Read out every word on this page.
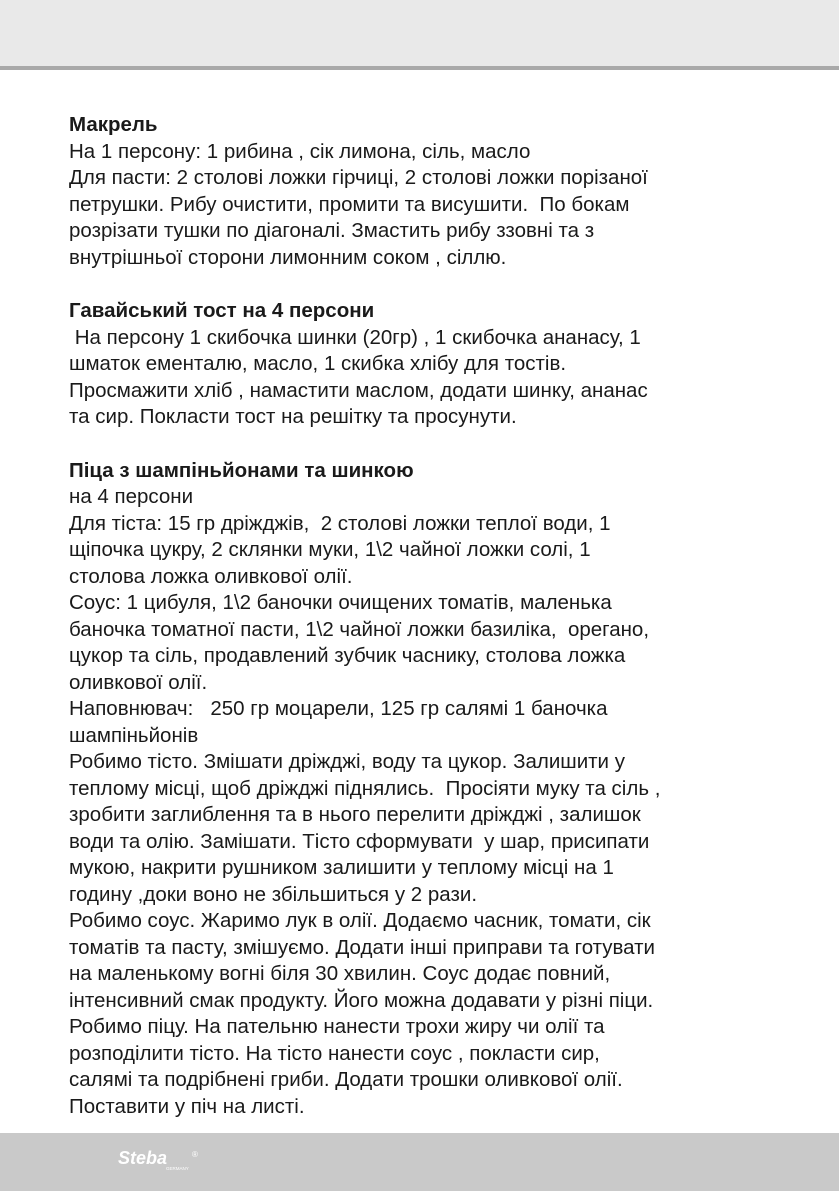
Макрель

На 1 персону: 1 рибина , сік лимона, сіль, масло

Для пасти: 2 столові ложки гірчиці, 2 столові ложки порізаної

петрушки. Рибу очистити, промити та висушити.  По бокам

розрізати тушки по діагоналі. Змастить рибу ззовні та з

внутрішньої сторони лимонним соком , сіллю.

Гавайський тост на 4 персони

На персону 1 скибочка шинки (20гр) , 1 скибочка ананасу, 1

шматок ементалю, масло, 1 скибка хлібу для тостів.

Просмажити хліб , намастити маслом, додати шинку, ананас

та сир. Покласти тост на решітку та просунути.

Піца з шампіньйонами та шинкою

на 4 персони

Для тіста: 15 гр дріжджів,  2 столові ложки теплої води, 1

щіпочка цукру, 2 склянки муки, 1\2 чайної ложки солі, 1

столова ложка оливкової олії.

Соус: 1 цибуля, 1\2 баночки очищених томатів, маленька

баночка томатної пасти, 1\2 чайної ложки базиліка,  орегано,

цукор та сіль, продавлений зубчик часнику, столова ложка

оливкової олії.

Наповнювач:   250 гр моцарели, 125 гр салямі 1 баночка

шампіньйонів

Робимо тісто. Змішати дріжджі, воду та цукор. Залишити у

теплому місці, щоб дріжджі піднялись.  Просіяти муку та сіль ,

зробити заглиблення та в нього перелити дріжджі , залишок

води та олію. Замішати. Тісто сформувати  у шар, присипати

мукою, накрити рушником залишити у теплому місці на 1

годину ,доки воно не збільшиться у 2 рази.

Робимо соус. Жаримо лук в олії. Додаємо часник, томати, сік

томатів та пасту, змішуємо. Додати інші приправи та готувати

на маленькому вогні біля 30 хвилин. Соус додає повний,

інтенсивний смак продукту. Його можна додавати у різні піци.

Робимо піцу. На пательню нанести трохи жиру чи олії та

розподілити тісто. На тісто нанести соус , покласти сир,

салямі та подрібнені гриби. Додати трошки оливкової олії.

Поставити у піч на листі.

Steba	®
GERMANY
